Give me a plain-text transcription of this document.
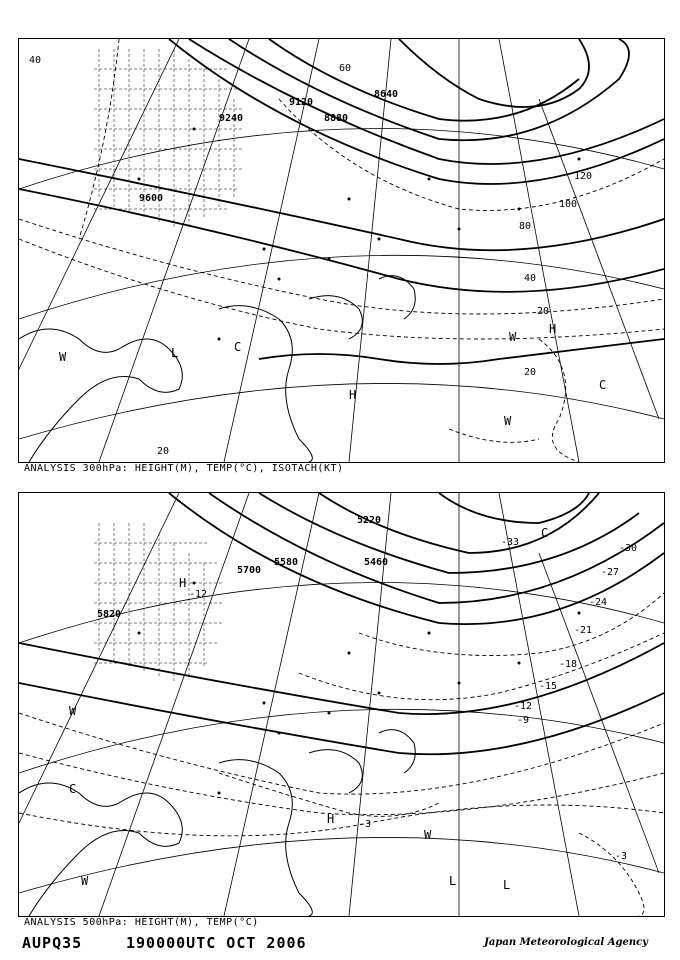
9120
9240
9600
8880
8640
40
60
80
100
120
40
20
20
20
W	L	C
H
H
W
C
W
ANALYSIS 300hPa: HEIGHT(M), TEMP(°C), ISOTACH(KT)
5820
5700
5580	5460
5220
-12
-33
-30
-27
-24
-21
-18
-15
-12
-9
-3
-3
W
C
H
W
W	L	L
C
H
ANALYSIS 500hPa: HEIGHT(M), TEMP(°C)
AUPQ35	190000UTC OCT 2006	Japan Meteorological Agency
